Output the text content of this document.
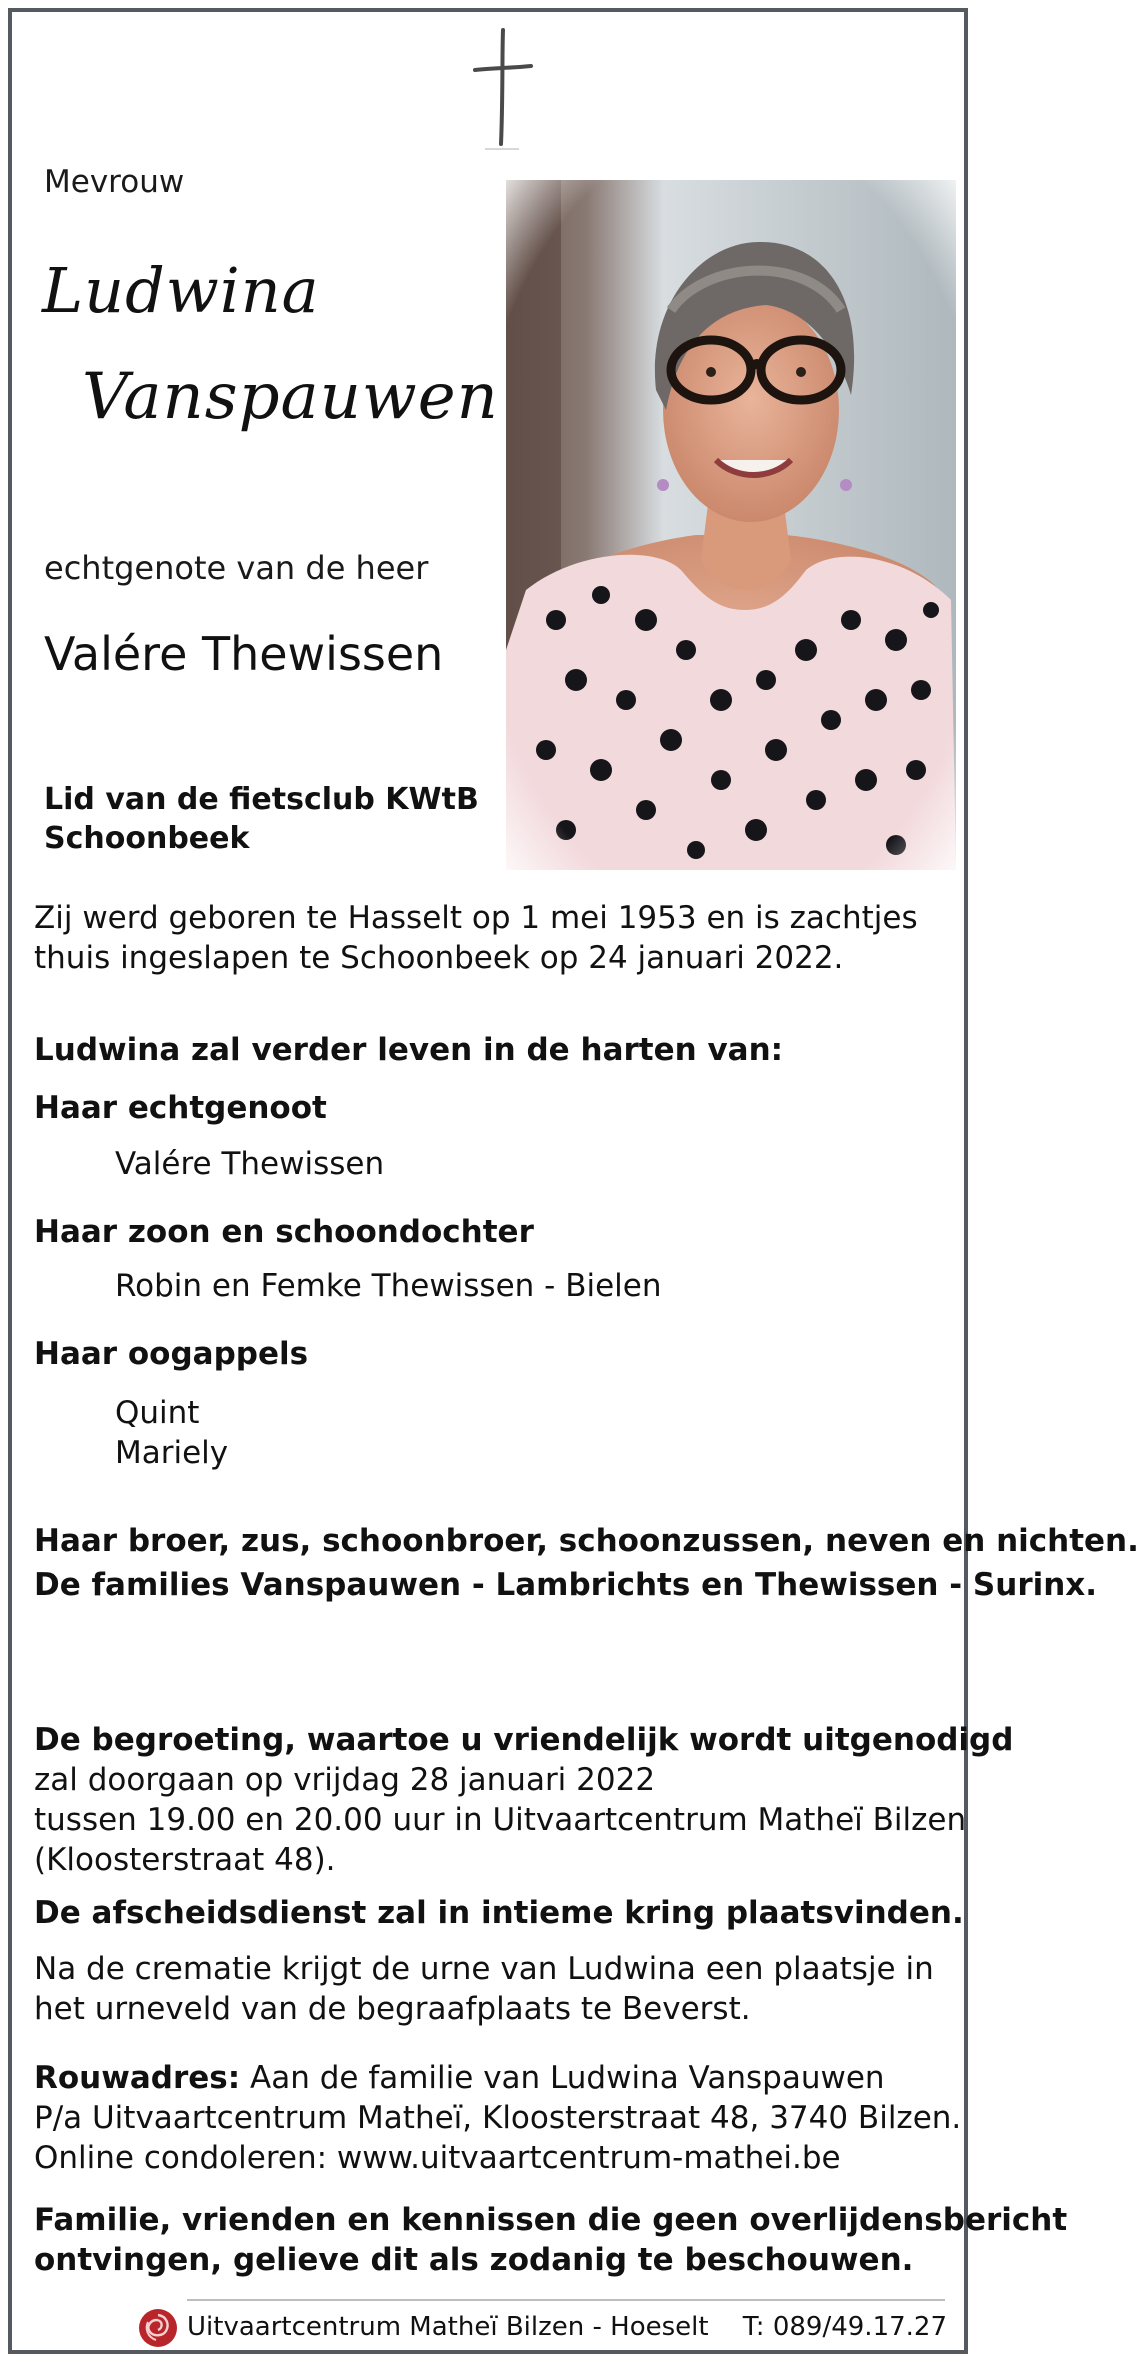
Mevrouw
Ludwina
Vanspauwen
echtgenote van de heer
Valére Thewissen
Lid van de fietsclub KWtB
Schoonbeek
Zij werd geboren te Hasselt op 1 mei 1953 en is zachtjes
thuis ingeslapen te Schoonbeek op 24 januari 2022.
Ludwina zal verder leven in de harten van:
Haar echtgenoot
Valére Thewissen
Haar zoon en schoondochter
Robin en Femke Thewissen - Bielen
Haar oogappels
Quint
Mariely
Haar broer, zus, schoonbroer, schoonzussen, neven en nichten.
De families Vanspauwen - Lambrichts en Thewissen - Surinx.
De begroeting, waartoe u vriendelijk wordt uitgenodigd
zal doorgaan op vrijdag 28 januari 2022
tussen 19.00 en 20.00 uur in Uitvaartcentrum Matheï Bilzen
(Kloosterstraat 48).
De afscheidsdienst zal in intieme kring plaatsvinden.
Na de crematie krijgt de urne van Ludwina een plaatsje in
het urneveld van de begraafplaats te Beverst.
Rouwadres: Aan de familie van Ludwina Vanspauwen
P/a Uitvaartcentrum Matheï, Kloosterstraat 48, 3740 Bilzen.
Online condoleren: www.uitvaartcentrum-mathei.be
Familie, vrienden en kennissen die geen overlijdensbericht
ontvingen, gelieve dit als zodanig te beschouwen.
Uitvaartcentrum Matheï Bilzen - Hoeselt T: 089/49.17.27
